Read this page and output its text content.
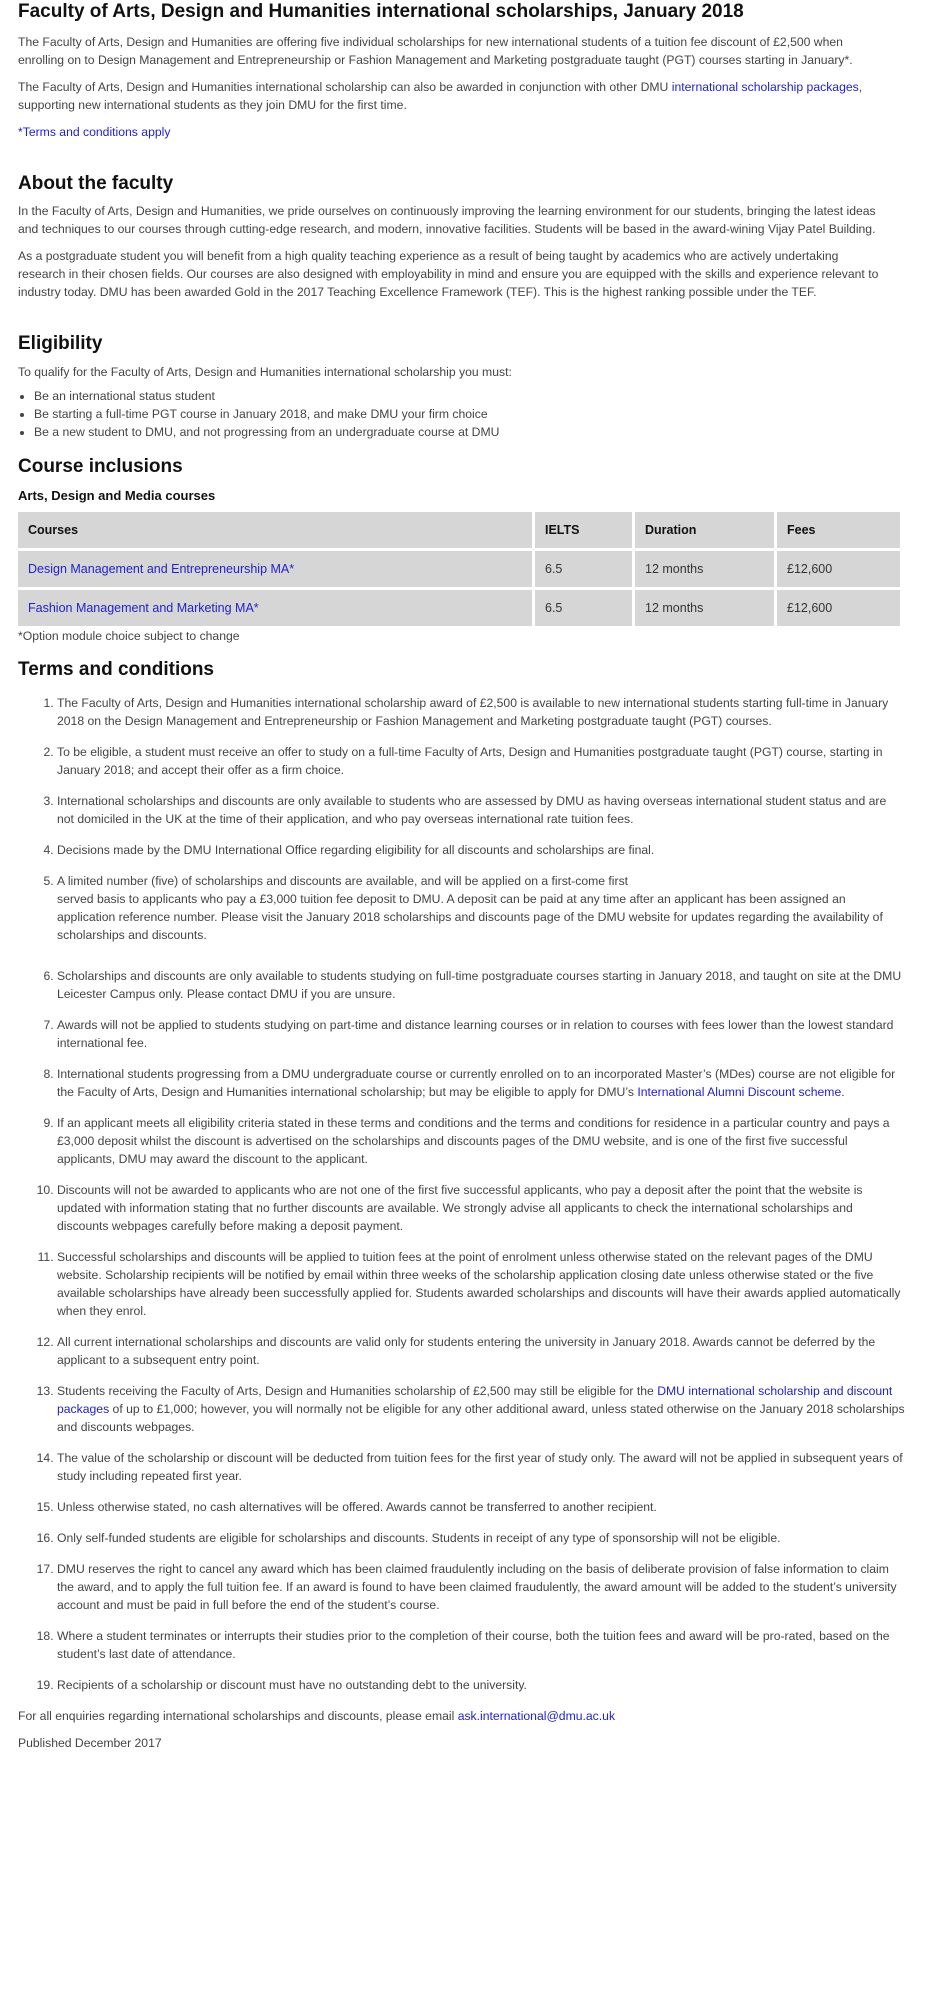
Faculty of Arts, Design and Humanities international scholarships, January 2018

The Faculty of Arts, Design and Humanities are offering five individual scholarships for new international students of a tuition fee discount of £2,500 when enrolling on to Design Management and Entrepreneurship or Fashion Management and Marketing postgraduate taught (PGT) courses starting in January*.

The Faculty of Arts, Design and Humanities international scholarship can also be awarded in conjunction with other DMU international scholarship packages, supporting new international students as they join DMU for the first time.

*Terms and conditions apply
About the faculty

In the Faculty of Arts, Design and Humanities, we pride ourselves on continuously improving the learning environment for our students, bringing the latest ideas and techniques to our courses through cutting-edge research, and modern, innovative facilities. Students will be based in the award-wining Vijay Patel Building.

As a postgraduate student you will benefit from a high quality teaching experience as a result of being taught by academics who are actively undertaking research in their chosen fields. Our courses are also designed with employability in mind and ensure you are equipped with the skills and experience relevant to industry today. DMU has been awarded Gold in the 2017 Teaching Excellence Framework (TEF). This is the highest ranking possible under the TEF.

Eligibility

To qualify for the Faculty of Arts, Design and Humanities international scholarship you must:

• Be an international status student
• Be starting a full-time PGT course in January 2018, and make DMU your firm choice
• Be a new student to DMU, and not progressing from an undergraduate course at DMU
Course inclusions
Arts, Design and Media courses
Courses	IELTS	Duration	Fees
Design Management and Entrepreneurship MA*	6.5	12 months	£12,600
Fashion Management and Marketing MA*	6.5	12 months	£12,600

*Option module choice subject to change

Terms and conditions
1. The Faculty of Arts, Design and Humanities international scholarship award of £2,500 is available to new international students starting full-time in January 2018 on the Design Management and Entrepreneurship or Fashion Management and Marketing postgraduate taught (PGT) courses.
2. To be eligible, a student must receive an offer to study on a full-time Faculty of Arts, Design and Humanities postgraduate taught (PGT) course, starting in January 2018; and accept their offer as a firm choice.
3. International scholarships and discounts are only available to students who are assessed by DMU as having overseas international student status and are not domiciled in the UK at the time of their application, and who pay overseas international rate tuition fees.
4. Decisions made by the DMU International Office regarding eligibility for all discounts and scholarships are final.
5. A limited number (five) of scholarships and discounts are available, and will be applied on a first-come first
served basis to applicants who pay a £3,000 tuition fee deposit to DMU. A deposit can be paid at any time after an applicant has been assigned an application reference number. Please visit the January 2018 scholarships and discounts page of the DMU website for updates regarding the availability of scholarships and discounts.
6. Scholarships and discounts are only available to students studying on full-time postgraduate courses starting in January 2018, and taught on site at the DMU Leicester Campus only. Please contact DMU if you are unsure.
7. Awards will not be applied to students studying on part-time and distance learning courses or in relation to courses with fees lower than the lowest standard international fee.
8. International students progressing from a DMU undergraduate course or currently enrolled on to an incorporated Master’s (MDes) course are not eligible for the Faculty of Arts, Design and Humanities international scholarship; but may be eligible to apply for DMU’s International Alumni Discount scheme.
9. If an applicant meets all eligibility criteria stated in these terms and conditions and the terms and conditions for residence in a particular country and pays a £3,000 deposit whilst the discount is advertised on the scholarships and discounts pages of the DMU website, and is one of the first five successful applicants, DMU may award the discount to the applicant.
10. Discounts will not be awarded to applicants who are not one of the first five successful applicants, who pay a deposit after the point that the website is updated with information stating that no further discounts are available. We strongly advise all applicants to check the international scholarships and discounts webpages carefully before making a deposit payment.
11. Successful scholarships and discounts will be applied to tuition fees at the point of enrolment unless otherwise stated on the relevant pages of the DMU website. Scholarship recipients will be notified by email within three weeks of the scholarship application closing date unless otherwise stated or the five available scholarships have already been successfully applied for. Students awarded scholarships and discounts will have their awards applied automatically when they enrol.
12. All current international scholarships and discounts are valid only for students entering the university in January 2018. Awards cannot be deferred by the applicant to a subsequent entry point.
13. Students receiving the Faculty of Arts, Design and Humanities scholarship of £2,500 may still be eligible for the DMU international scholarship and discount packages of up to £1,000; however, you will normally not be eligible for any other additional award, unless stated otherwise on the January 2018 scholarships and discounts webpages.
14. The value of the scholarship or discount will be deducted from tuition fees for the first year of study only. The award will not be applied in subsequent years of study including repeated first year.
15. Unless otherwise stated, no cash alternatives will be offered. Awards cannot be transferred to another recipient.
16. Only self-funded students are eligible for scholarships and discounts. Students in receipt of any type of sponsorship will not be eligible.
17. DMU reserves the right to cancel any award which has been claimed fraudulently including on the basis of deliberate provision of false information to claim the award, and to apply the full tuition fee. If an award is found to have been claimed fraudulently, the award amount will be added to the student’s university account and must be paid in full before the end of the student’s course.
18. Where a student terminates or interrupts their studies prior to the completion of their course, both the tuition fees and award will be pro-rated, based on the student’s last date of attendance.
19. Recipients of a scholarship or discount must have no outstanding debt to the university.

For all enquiries regarding international scholarships and discounts, please email ask.international@dmu.ac.uk

Published December 2017
